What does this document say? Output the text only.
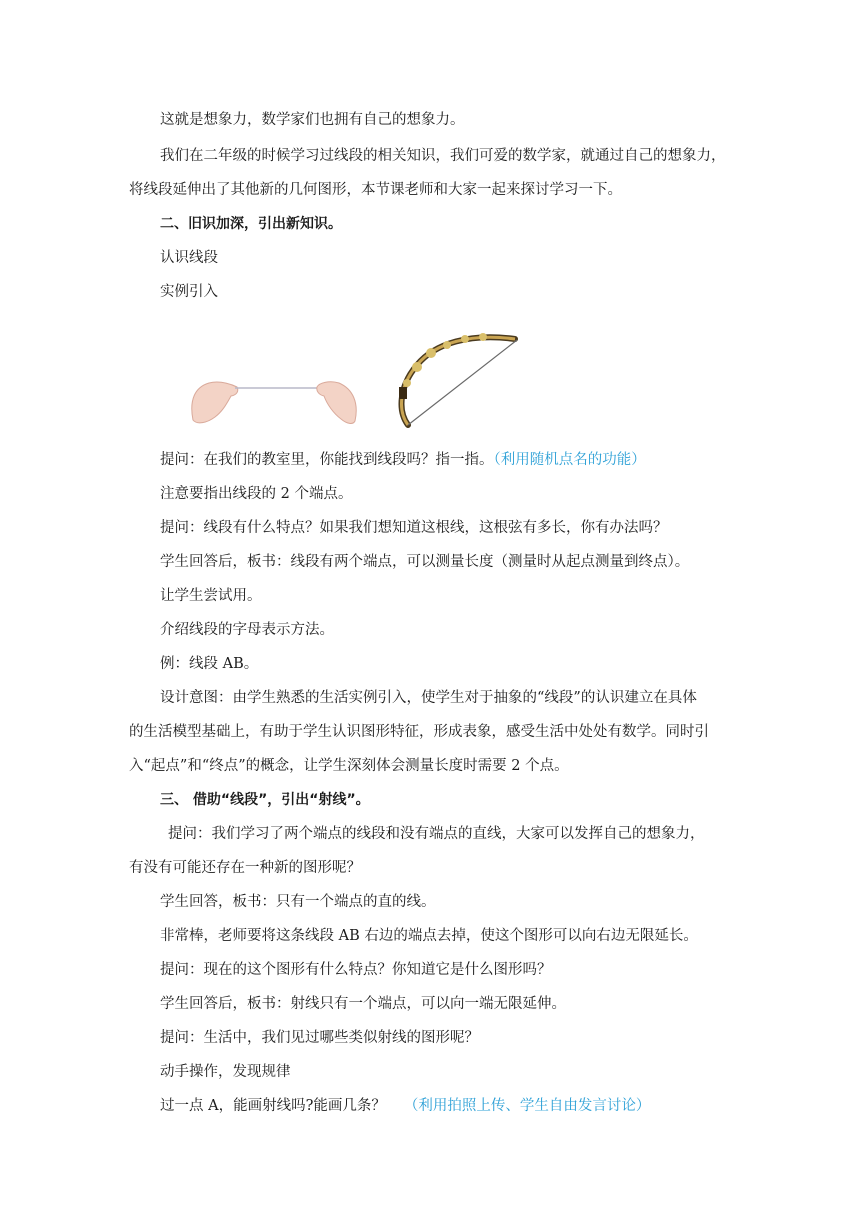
这就是想象力，数学家们也拥有自己的想象力。
我们在二年级的时候学习过线段的相关知识，我们可爱的数学家，就通过自己的想象力，
将线段延伸出了其他新的几何图形，本节课老师和大家一起来探讨学习一下。
二、旧识加深，引出新知识。
认识线段
实例引入
提问：在我们的教室里，你能找到线段吗？指一指。（利用随机点名的功能）
注意要指出线段的 2 个端点。
提问：线段有什么特点？如果我们想知道这根线，这根弦有多长，你有办法吗？
学生回答后，板书：线段有两个端点，可以测量长度（测量时从起点测量到终点）。
让学生尝试用。
介绍线段的字母表示方法。
例：线段 AB。
设计意图：由学生熟悉的生活实例引入，使学生对于抽象的“线段”的认识建立在具体
的生活模型基础上，有助于学生认识图形特征，形成表象，感受生活中处处有数学。同时引
入“起点”和“终点”的概念，让学生深刻体会测量长度时需要 2 个点。
三、 借助“线段”，引出“射线”。
提问：我们学习了两个端点的线段和没有端点的直线，大家可以发挥自己的想象力，
有没有可能还存在一种新的图形呢？
学生回答，板书：只有一个端点的直的线。
非常棒，老师要将这条线段 AB 右边的端点去掉，使这个图形可以向右边无限延长。
提问：现在的这个图形有什么特点？你知道它是什么图形吗？
学生回答后，板书：射线只有一个端点，可以向一端无限延伸。
提问：生活中，我们见过哪些类似射线的图形呢？
动手操作，发现规律
过一点 A，能画射线吗?能画几条？ （利用拍照上传、学生自由发言讨论）
